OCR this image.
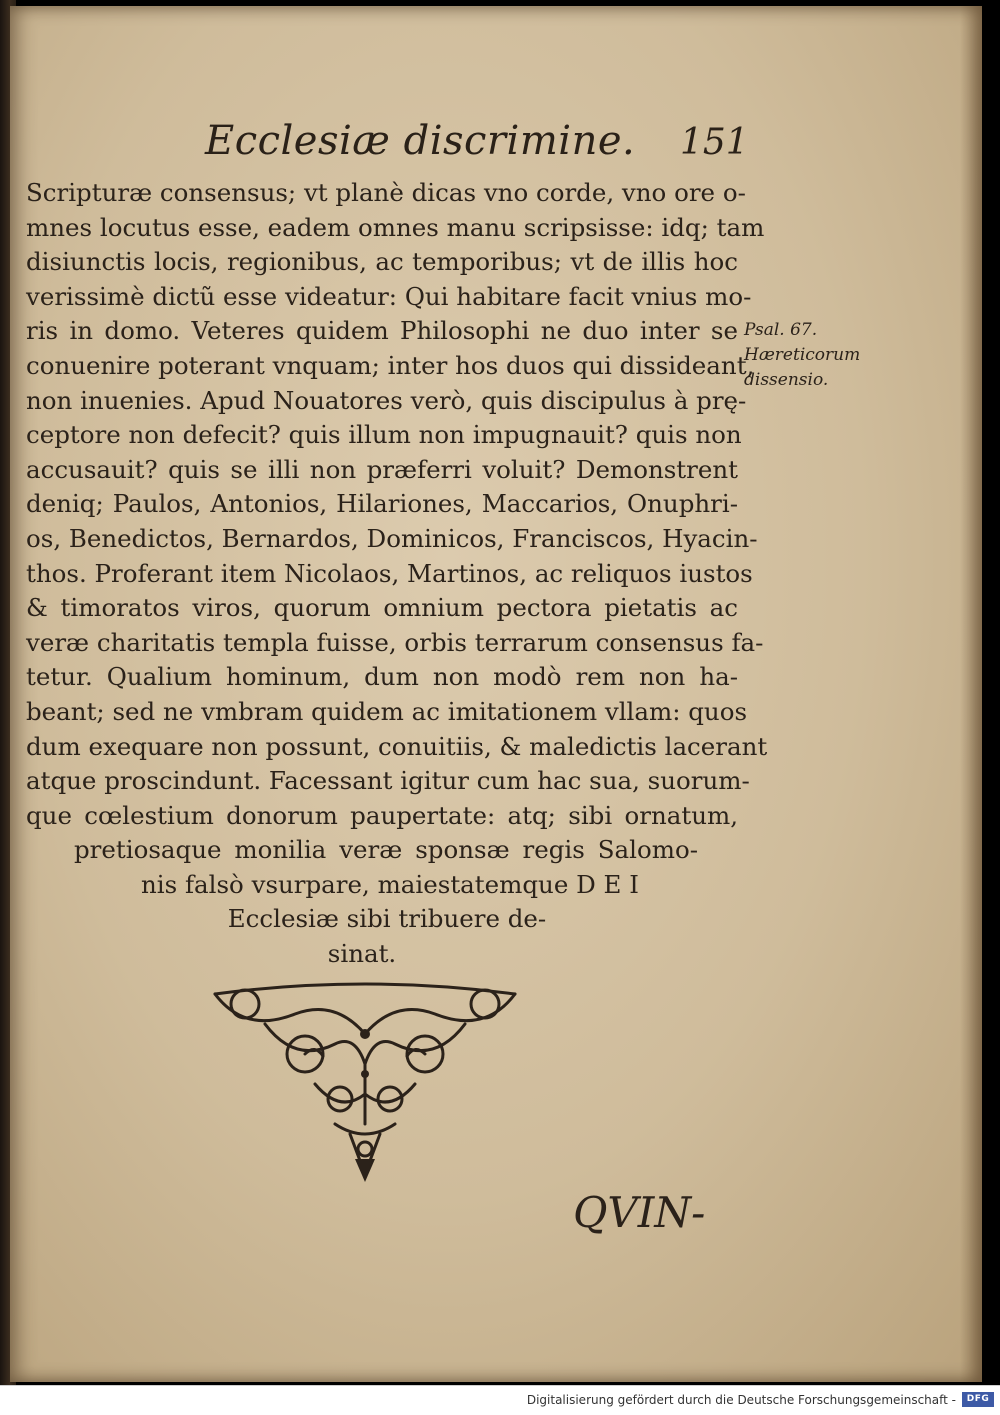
Ecclesiæ discrimine. 151
Scripturæ consensus; vt planè dicas vno corde, vno ore o-
mnes locutus esse, eadem omnes manu scripsisse: idq; tam
disiunctis locis, regionibus, ac temporibus; vt de illis hoc
verissimè dictũ esse videatur: Qui habitare facit vnius mo-
ris in domo. Veteres quidem Philosophi ne duo inter se
conuenire poterant vnquam; inter hos duos qui dissideant,
non inuenies. Apud Nouatores verò, quis discipulus à prę-
ceptore non defecit? quis illum non impugnauit? quis non
accusauit? quis se illi non præferri voluit? Demonstrent
deniq; Paulos, Antonios, Hilariones, Maccarios, Onuphri-
os, Benedictos, Bernardos, Dominicos, Franciscos, Hyacin-
thos. Proferant item Nicolaos, Martinos, ac reliquos iustos
& timoratos viros, quorum omnium pectora pietatis ac
veræ charitatis templa fuisse, orbis terrarum consensus fa-
tetur. Qualium hominum, dum non modò rem non ha-
beant; sed ne vmbram quidem ac imitationem vllam: quos
dum exequare non possunt, conuitiis, & maledictis lacerant
atque proscindunt. Facessant igitur cum hac sua, suorum-
que cœlestium donorum paupertate: atq; sibi ornatum,
pretiosaque monilia veræ sponsæ regis Salomo-
nis falsò vsurpare, maiestatemque D E I
Ecclesiæ sibi tribuere de-
sinat.
Psal. 67.
Hæreticorum
dissensio.
QVIN-
Digitalisierung gefördert durch die Deutsche Forschungsgemeinschaft -	DFG
